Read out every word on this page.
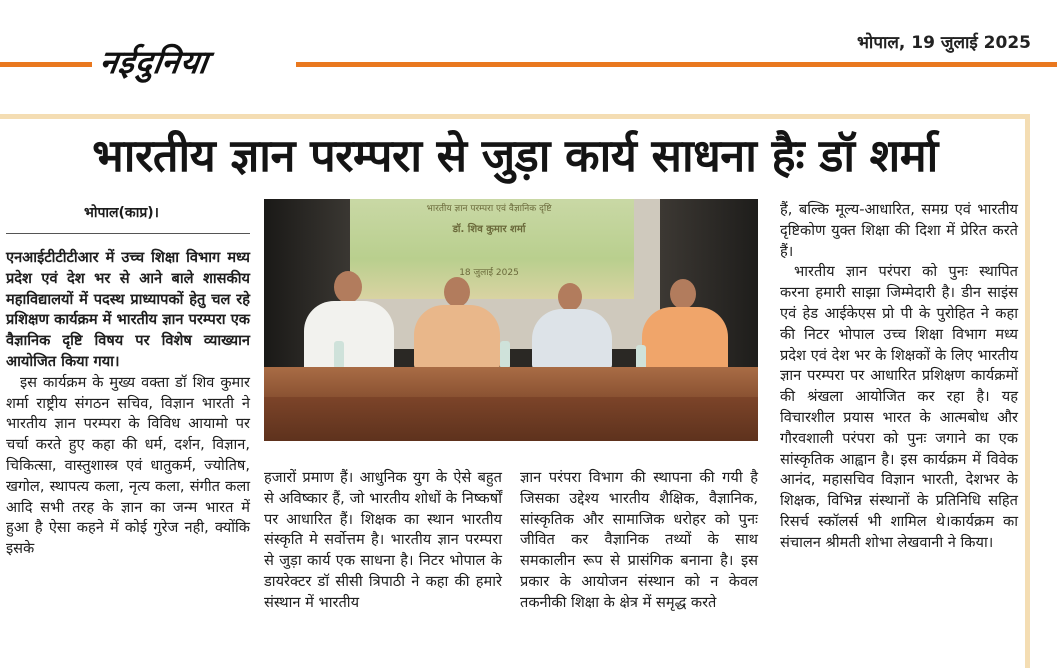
नईदुनिया	भोपाल, 19 जुलाई 2025
भारतीय ज्ञान परम्परा से जुड़ा कार्य साधना हैः डॉ शर्मा
भोपाल(काप्र)।

एनआईटीटीटीआर में उच्च शिक्षा विभाग मध्य प्रदेश एवं देश भर से आने बाले शासकीय महाविद्यालयों में पदस्थ प्राध्यापकों हेतु चल रहे प्रशिक्षण कार्यक्रम में भारतीय ज्ञान परम्परा एक वैज्ञानिक दृष्टि विषय पर विशेष व्याख्यान आयोजित किया गया।

इस कार्यक्रम के मुख्य वक्ता डॉ शिव कुमार शर्मा राष्ट्रीय संगठन सचिव, विज्ञान भारती ने भारतीय ज्ञान परम्परा के विविध आयामो पर चर्चा करते हुए कहा की धर्म, दर्शन, विज्ञान, चिकित्सा, वास्तुशास्त्र एवं धातुकर्म, ज्योतिष, खगोल, स्थापत्य कला, नृत्य कला, संगीत कला आदि सभी तरह के ज्ञान का जन्म भारत में हुआ है ऐसा कहने में कोई गुरेज नही, क्योंकि इसके

भारतीय ज्ञान परम्परा एवं वैज्ञानिक दृष्टि
डॉ. शिव कुमार शर्मा
18 जुलाई 2025

हजारों प्रमाण हैं। आधुनिक युग के ऐसे बहुत से अविष्कार हैं, जो भारतीय शोधों के निष्कर्षों पर आधारित हैं। शिक्षक का स्थान भारतीय संस्कृति मे सर्वोत्तम है। भारतीय ज्ञान परम्परा से जुड़ा कार्य एक साधना है। निटर भोपाल के डायरेक्टर डॉ सीसी त्रिपाठी ने कहा की हमारे संस्थान में भारतीय

ज्ञान परंपरा विभाग की स्थापना की गयी है जिसका उद्देश्य भारतीय शैक्षिक, वैज्ञानिक, सांस्कृतिक और सामाजिक धरोहर को पुनः जीवित कर वैज्ञानिक तथ्यों के साथ समकालीन रूप से प्रासंगिक बनाना है। इस प्रकार के आयोजन संस्थान को न केवल तकनीकी शिक्षा के क्षेत्र में समृद्ध करते

हैं, बल्कि मूल्य-आधारित, समग्र एवं भारतीय दृष्टिकोण युक्त शिक्षा की दिशा में प्रेरित करते हैं।

भारतीय ज्ञान परंपरा को पुनः स्थापित करना हमारी साझा जिम्मेदारी है। डीन साइंस एवं हेड आईकेएस प्रो पी के पुरोहित ने कहा की निटर भोपाल उच्च शिक्षा विभाग मध्य प्रदेश एवं देश भर के शिक्षकों के लिए भारतीय ज्ञान परम्परा पर आधारित प्रशिक्षण कार्यक्रमों की श्रंखला आयोजित कर रहा है। यह विचारशील प्रयास भारत के आत्मबोध और गौरवशाली परंपरा को पुनः जगाने का एक सांस्कृतिक आह्वान है। इस कार्यक्रम में विवेक आनंद, महासचिव विज्ञान भारती, देशभर के शिक्षक, विभिन्न संस्थानों के प्रतिनिधि सहित रिसर्च स्कॉलर्स भी शामिल थे।कार्यक्रम का संचालन श्रीमती शोभा लेखवानी ने किया।
